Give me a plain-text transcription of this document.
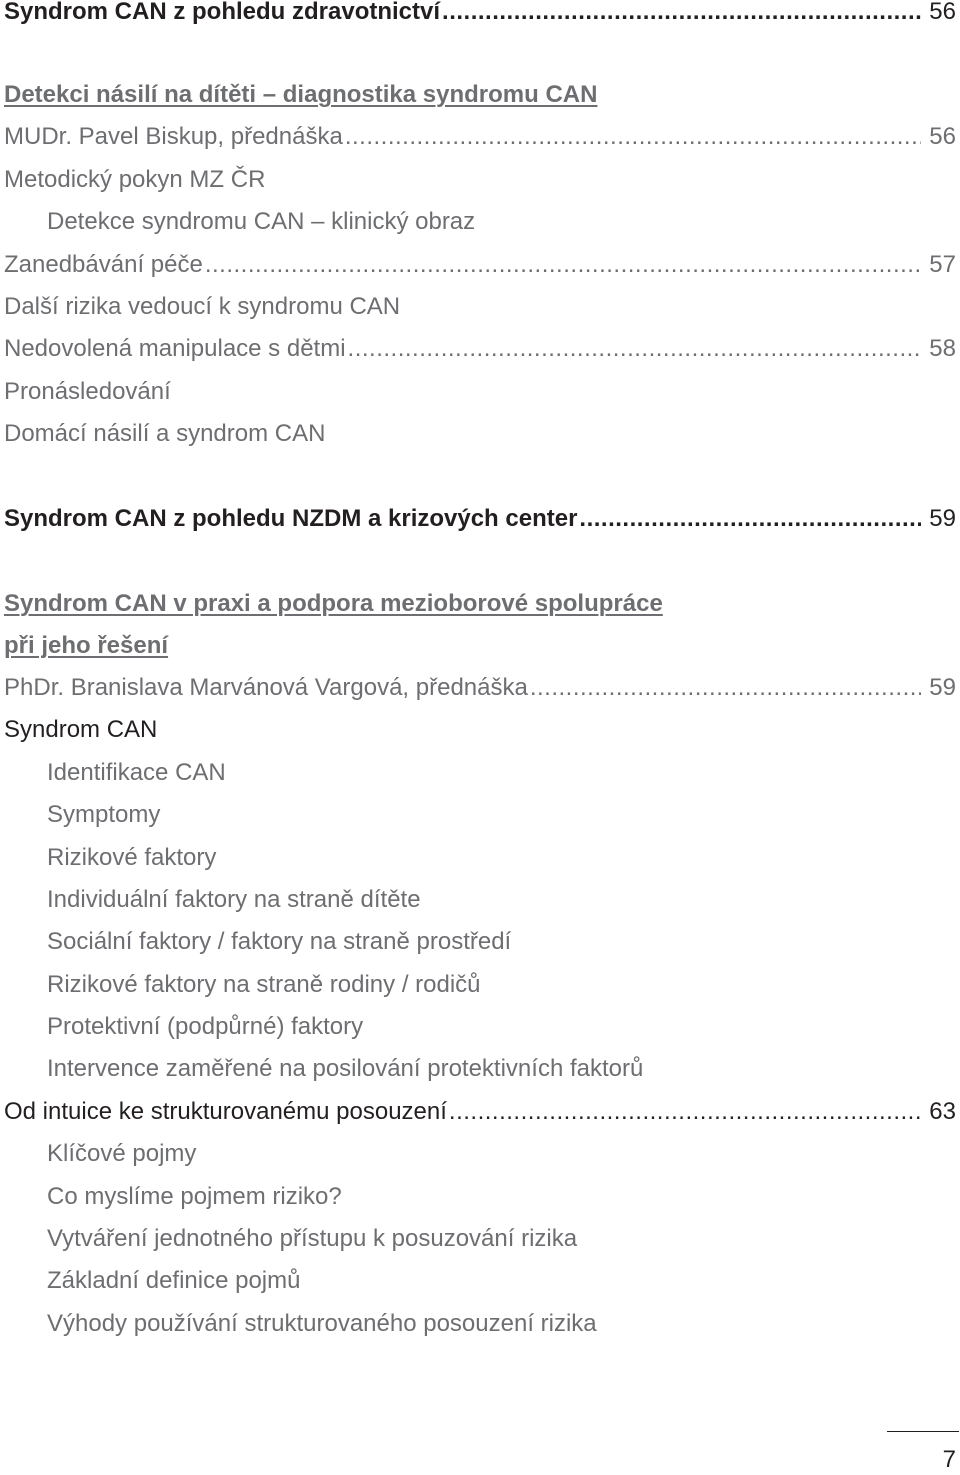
Syndrom CAN z pohledu zdravotnictví .....	56
Detekci násilí na dítěti – diagnostika syndromu CAN
MUDr. Pavel Biskup, přednáška .....	56
Metodický pokyn MZ ČR
Detekce syndromu CAN – klinický obraz
Zanedbávání péče .....	57
Další rizika vedoucí k syndromu CAN
Nedovolená manipulace s dětmi .....	58
Pronásledování
Domácí násilí a syndrom CAN
Syndrom CAN z pohledu NZDM a krizových center .....	59
Syndrom CAN v praxi a podpora mezioborové spolupráce
při jeho řešení
PhDr. Branislava Marvánová Vargová, přednáška .....	59
Syndrom CAN
Identifikace CAN
Symptomy
Rizikové faktory
Individuální faktory na straně dítěte
Sociální faktory / faktory na straně prostředí
Rizikové faktory na straně rodiny / rodičů
Protektivní (podpůrné) faktory
Intervence zaměřené na posilování protektivních faktorů
Od intuice ke strukturovanému posouzení .....	63
Klíčové pojmy
Co myslíme pojmem riziko?
Vytváření jednotného přístupu k posuzování rizika
Základní definice pojmů
Výhody používání strukturovaného posouzení rizika
7
